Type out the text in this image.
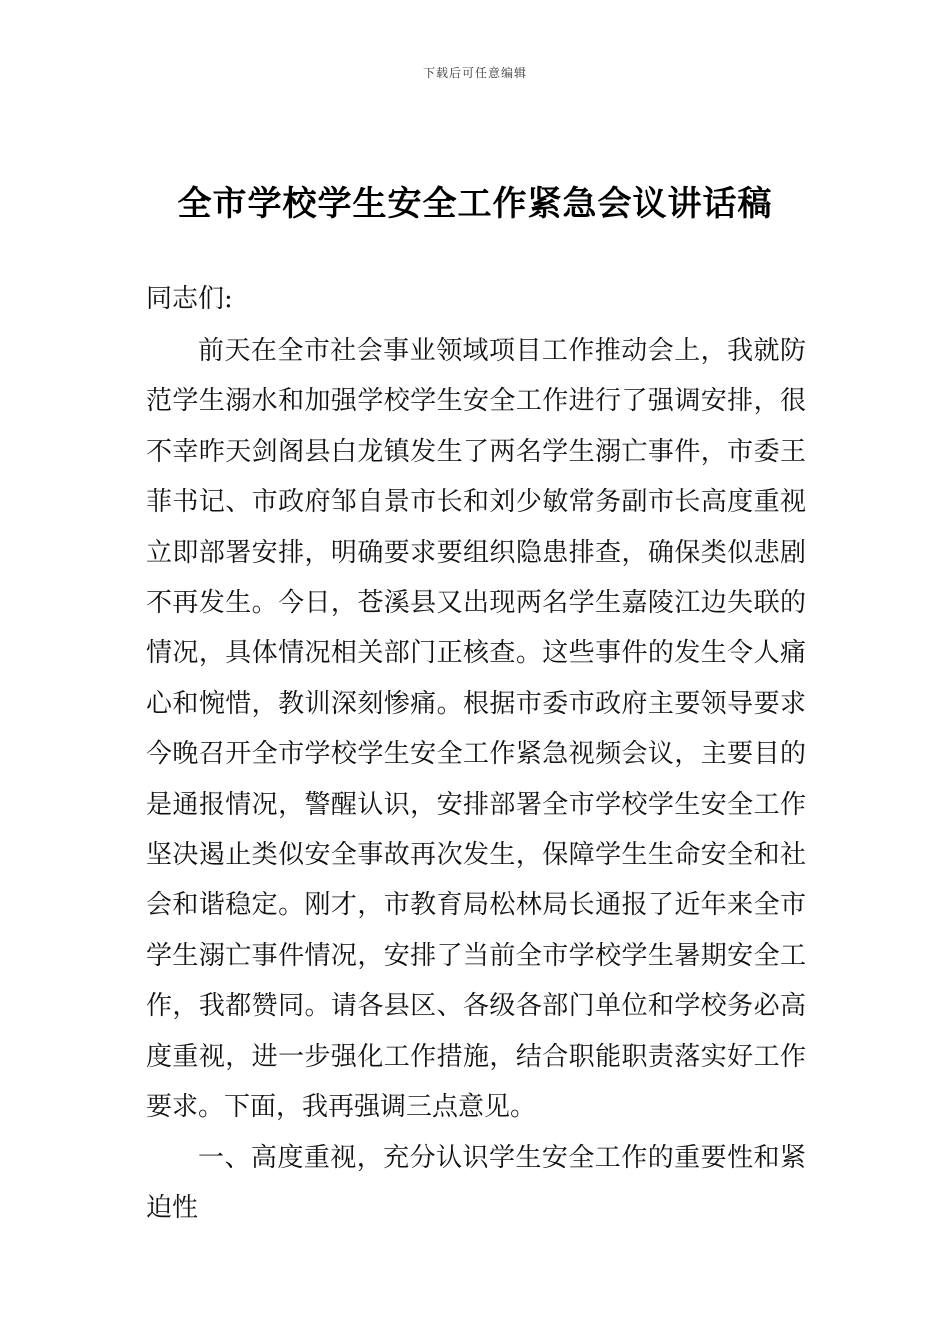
下载后可任意编辑
全市学校学生安全工作紧急会议讲话稿

同志们:

前天在全市社会事业领域项目工作推动会上，我就防范学生溺水和加强学校学生安全工作进行了强调安排，很不幸昨天剑阁县白龙镇发生了两名学生溺亡事件，市委王菲书记、市政府邹自景市长和刘少敏常务副市长高度重视立即部署安排，明确要求要组织隐患排查，确保类似悲剧不再发生。今日，苍溪县又出现两名学生嘉陵江边失联的情况，具体情况相关部门正核查。这些事件的发生令人痛心和惋惜，教训深刻惨痛。根据市委市政府主要领导要求今晚召开全市学校学生安全工作紧急视频会议，主要目的是通报情况，警醒认识，安排部署全市学校学生安全工作坚决遏止类似安全事故再次发生，保障学生生命安全和社会和谐稳定。刚才，市教育局松林局长通报了近年来全市学生溺亡事件情况，安排了当前全市学校学生暑期安全工作，我都赞同。请各县区、各级各部门单位和学校务必高度重视，进一步强化工作措施，结合职能职责落实好工作要求。下面，我再强调三点意见。

一、高度重视，充分认识学生安全工作的重要性和紧迫性
